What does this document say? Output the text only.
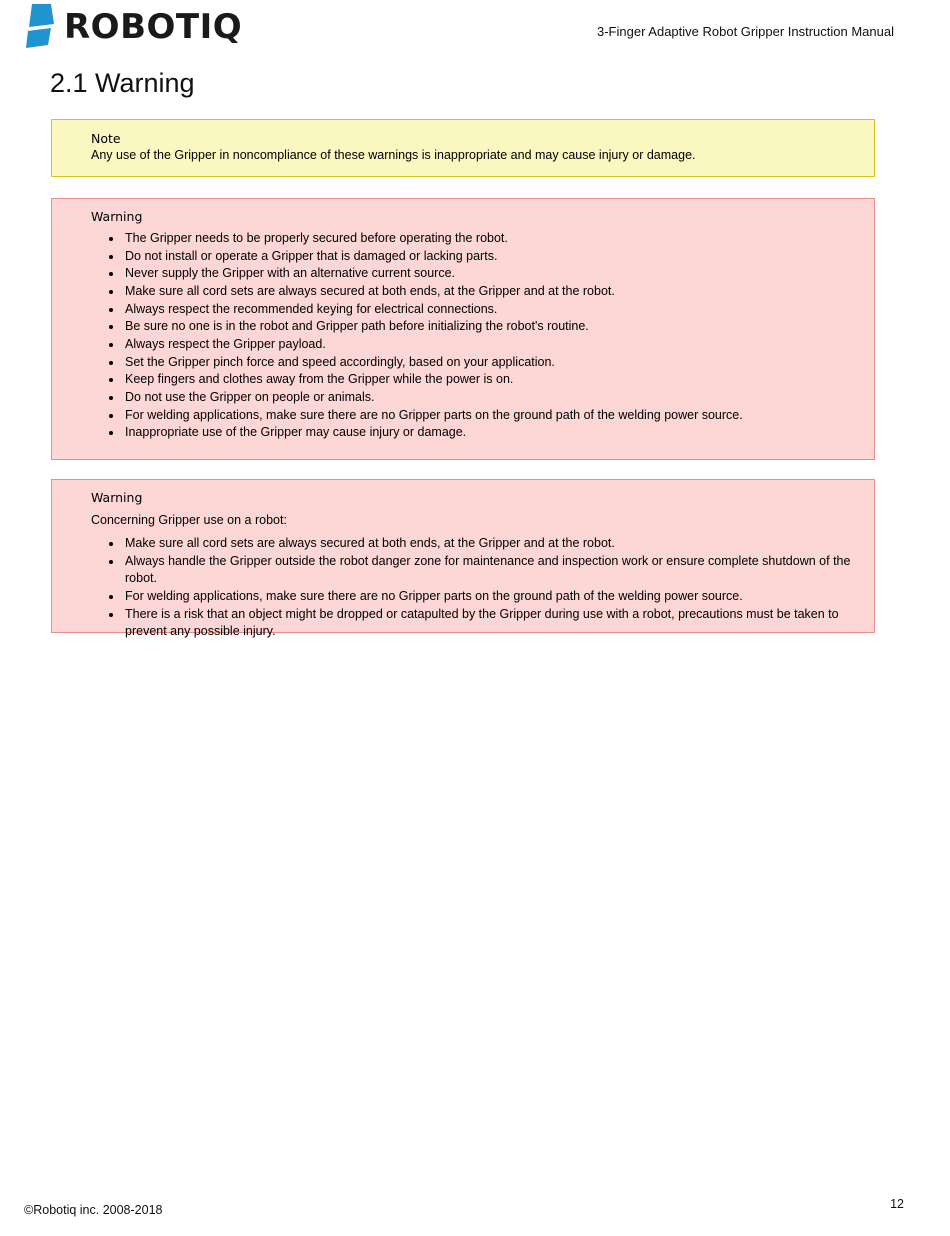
ROBOTIQ	3-Finger Adaptive Robot Gripper Instruction Manual
2.1 Warning
Note
Any use of the Gripper in noncompliance of these warnings is inappropriate and may cause injury or damage.
Warning
The Gripper needs to be properly secured before operating the robot.
Do not install or operate a Gripper that is damaged or lacking parts.
Never supply the Gripper with an alternative current source.
Make sure all cord sets are always secured at both ends, at the Gripper and at the robot.
Always respect the recommended keying for electrical connections.
Be sure no one is in the robot and Gripper path before initializing the robot's routine.
Always respect the Gripper payload.
Set the Gripper pinch force and speed accordingly, based on your application.
Keep fingers and clothes away from the Gripper while the power is on.
Do not use the Gripper on people or animals.
For welding applications, make sure there are no Gripper parts on the ground path of the welding power source.
Inappropriate use of the Gripper may cause injury or damage.
Warning
Concerning Gripper use on a robot:
Make sure all cord sets are always secured at both ends, at the Gripper and at the robot.
Always handle the Gripper outside the robot danger zone for maintenance and inspection work or ensure complete shutdown of the robot.
For welding applications, make sure there are no Gripper parts on the ground path of the welding power source.
There is a risk that an object might be dropped or catapulted by the Gripper during use with a robot, precautions must be taken to prevent any possible injury.
©Robotiq inc. 2008-2018	12
